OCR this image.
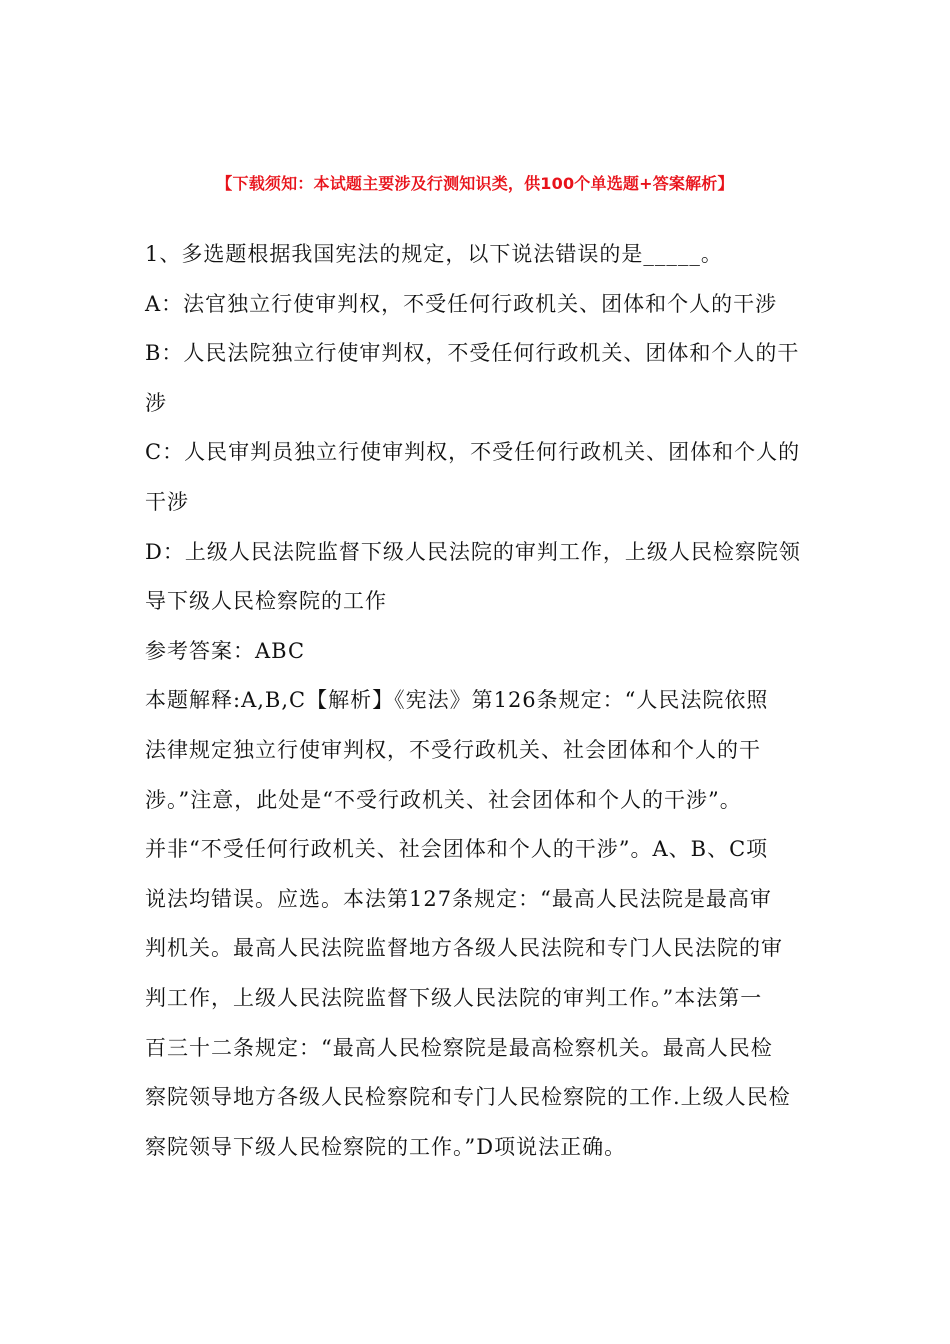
【下载须知：本试题主要涉及行测知识类，供100个单选题+答案解析】
1、多选题根据我国宪法的规定，以下说法错误的是_____。
A：法官独立行使审判权，不受任何行政机关、团体和个人的干涉
B：人民法院独立行使审判权，不受任何行政机关、团体和个人的干
涉
C：人民审判员独立行使审判权，不受任何行政机关、团体和个人的
干涉
D：上级人民法院监督下级人民法院的审判工作，上级人民检察院领
导下级人民检察院的工作
参考答案：ABC
本题解释:A,B,C【解析】《宪法》第126条规定：“人民法院依照
法律规定独立行使审判权，不受行政机关、社会团体和个人的干
涉。”注意，此处是“不受行政机关、社会团体和个人的干涉”。
并非“不受任何行政机关、社会团体和个人的干涉”。A、B、C项
说法均错误。应选。本法第127条规定：“最高人民法院是最高审
判机关。最高人民法院监督地方各级人民法院和专门人民法院的审
判工作，上级人民法院监督下级人民法院的审判工作。”本法第一
百三十二条规定：“最高人民检察院是最高检察机关。最高人民检
察院领导地方各级人民检察院和专门人民检察院的工作.上级人民检
察院领导下级人民检察院的工作。”D项说法正确。
